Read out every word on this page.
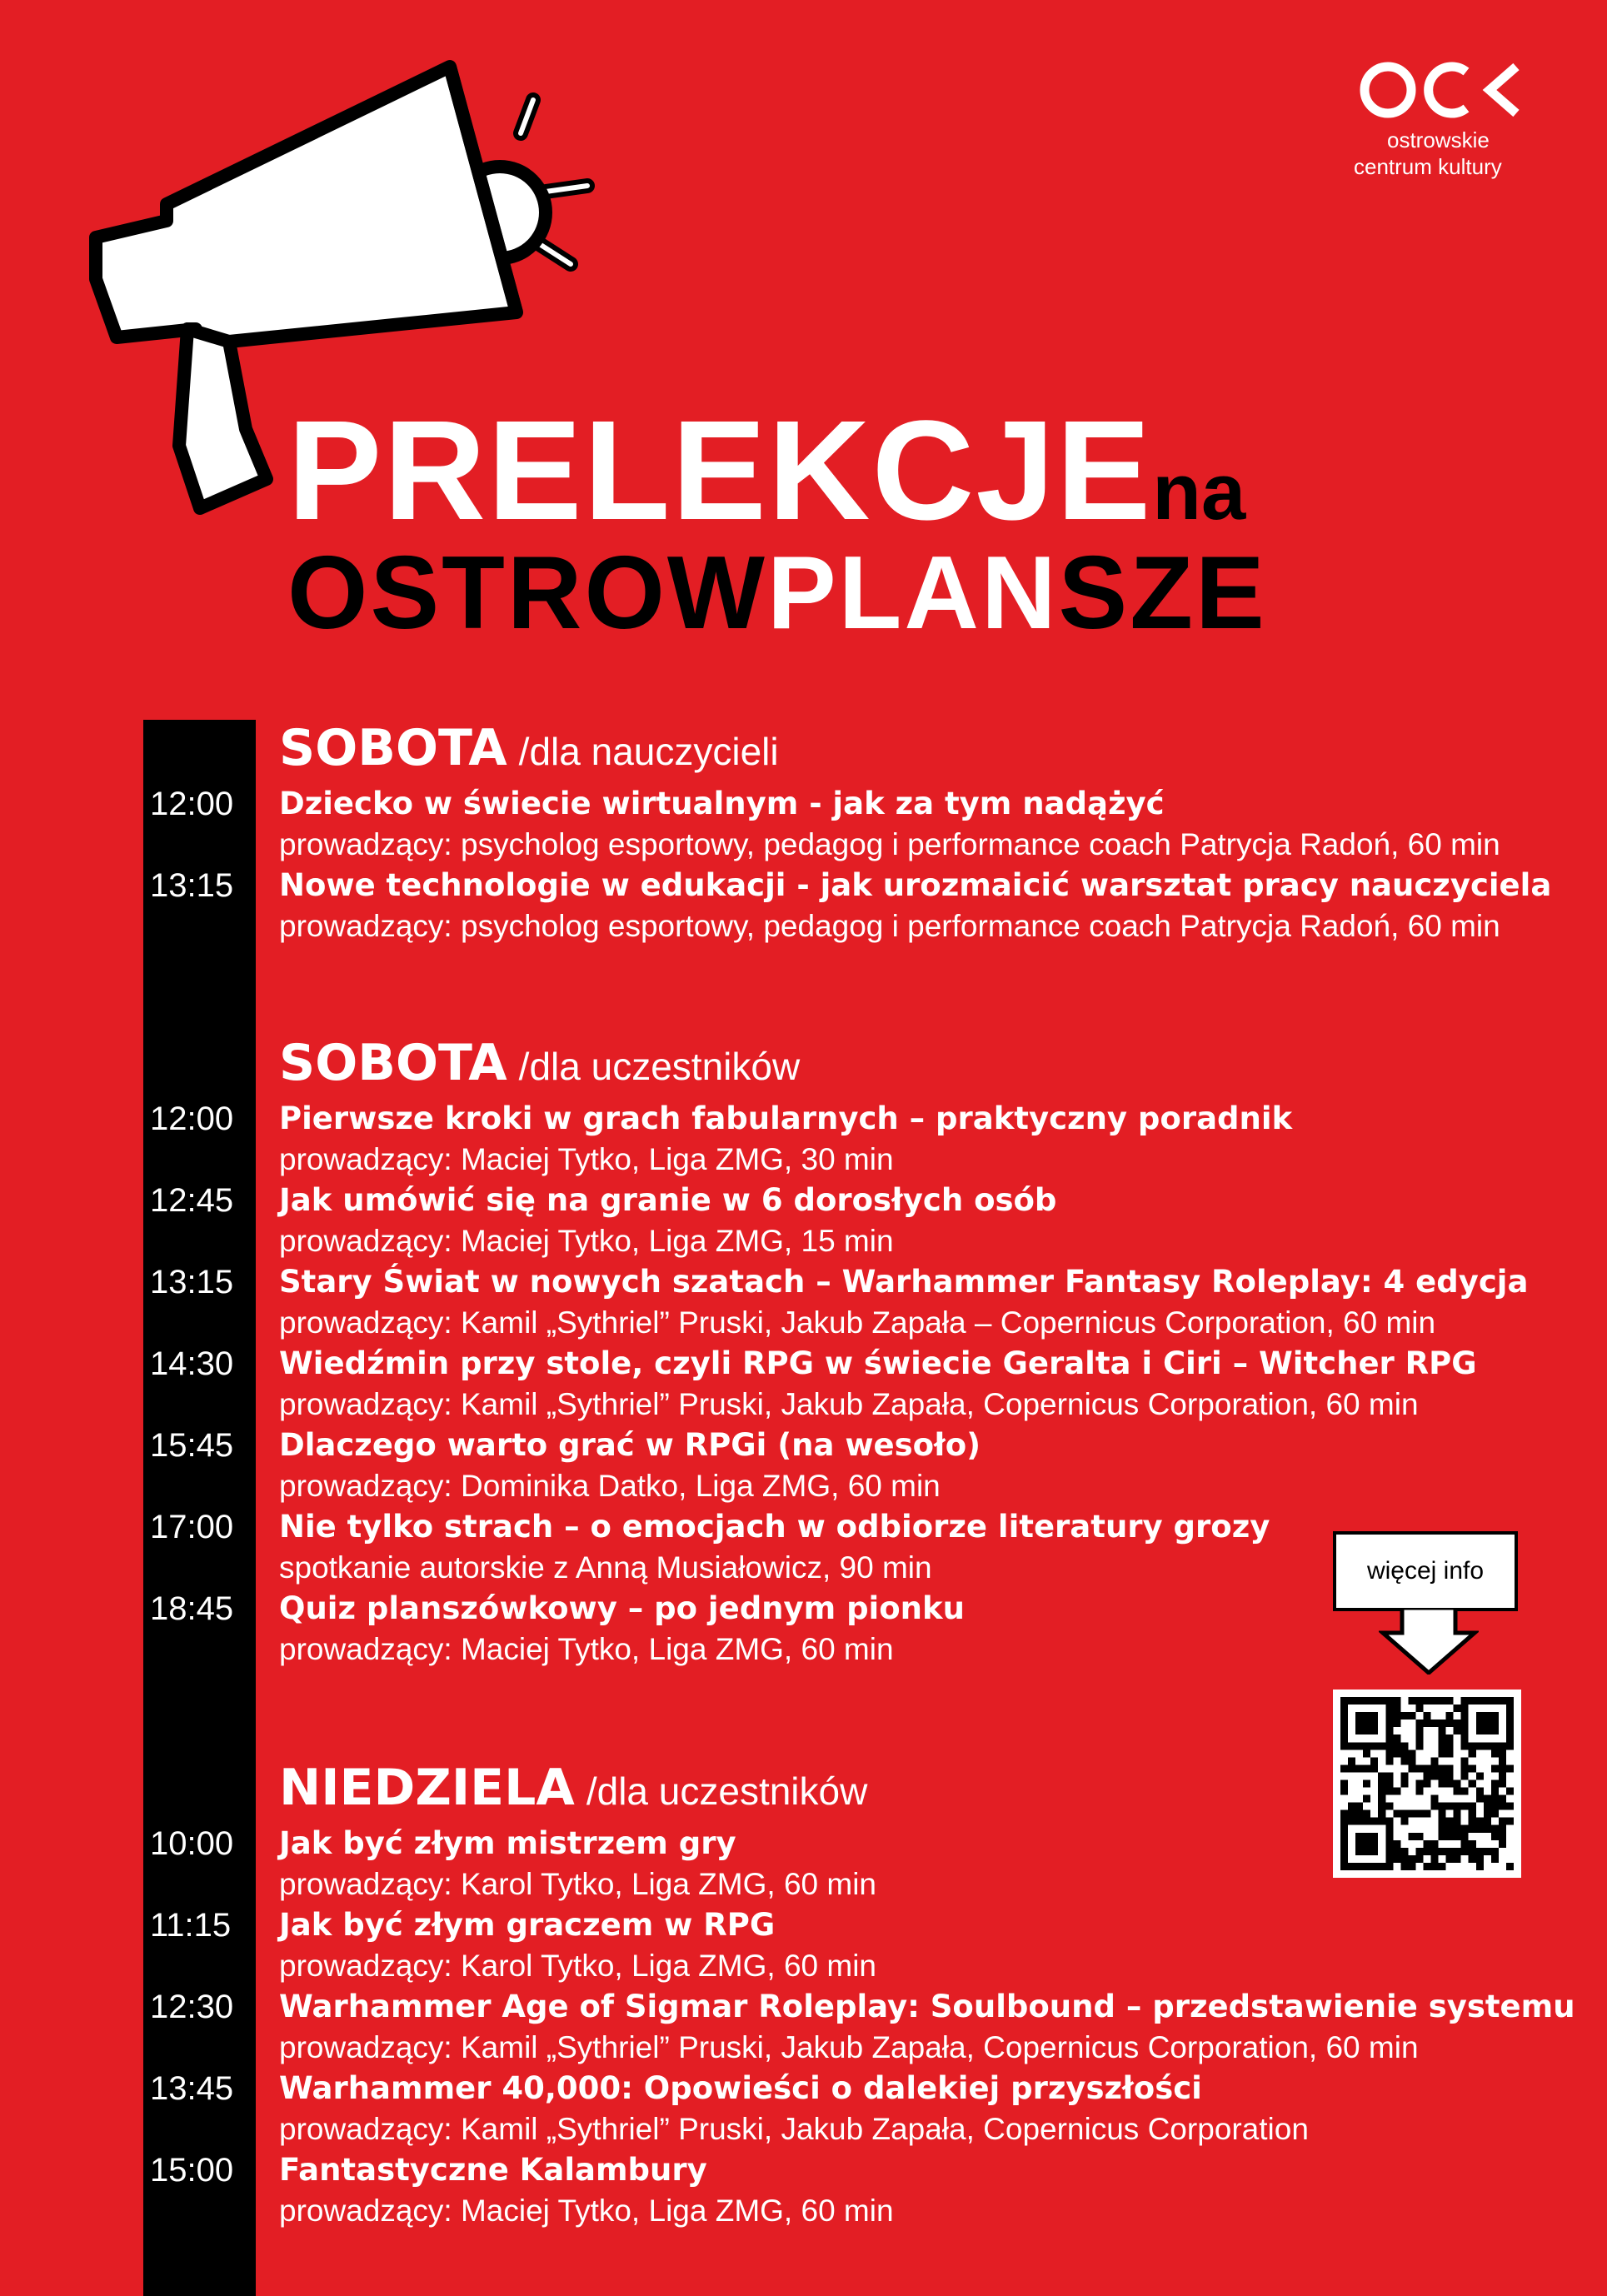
ostrowskie
centrum kultury
PRELEKCJEna
OSTROWPLANSZE
SOBOTA /dla nauczycieli
12:00 Dziecko w świecie wirtualnym - jak za tym nadążyć
prowadzący: psycholog esportowy, pedagog i performance coach Patrycja Radoń, 60 min
13:15 Nowe technologie w edukacji - jak urozmaicić warsztat pracy nauczyciela
prowadzący: psycholog esportowy, pedagog i performance coach Patrycja Radoń, 60 min
SOBOTA /dla uczestników
12:00 Pierwsze kroki w grach fabularnych – praktyczny poradnik
prowadzący: Maciej Tytko, Liga ZMG, 30 min
12:45 Jak umówić się na granie w 6 dorosłych osób
prowadzący: Maciej Tytko, Liga ZMG, 15 min
13:15 Stary Świat w nowych szatach – Warhammer Fantasy Roleplay: 4 edycja
prowadzący: Kamil „Sythriel” Pruski, Jakub Zapała – Copernicus Corporation, 60 min
14:30 Wiedźmin przy stole, czyli RPG w świecie Geralta i Ciri – Witcher RPG
prowadzący: Kamil „Sythriel” Pruski, Jakub Zapała, Copernicus Corporation, 60 min
15:45 Dlaczego warto grać w RPGi (na wesoło)
prowadzący: Dominika Datko, Liga ZMG, 60 min
17:00 Nie tylko strach – o emocjach w odbiorze literatury grozy
spotkanie autorskie z Anną Musiałowicz, 90 min
18:45 Quiz planszówkowy – po jednym pionku
prowadzący: Maciej Tytko, Liga ZMG, 60 min
NIEDZIELA /dla uczestników
10:00 Jak być złym mistrzem gry
prowadzący: Karol Tytko, Liga ZMG, 60 min
11:15 Jak być złym graczem w RPG
prowadzący: Karol Tytko, Liga ZMG, 60 min
12:30 Warhammer Age of Sigmar Roleplay: Soulbound – przedstawienie systemu
prowadzący: Kamil „Sythriel” Pruski, Jakub Zapała, Copernicus Corporation, 60 min
13:45 Warhammer 40,000: Opowieści o dalekiej przyszłości
prowadzący: Kamil „Sythriel” Pruski, Jakub Zapała, Copernicus Corporation
15:00 Fantastyczne Kalambury
prowadzący: Maciej Tytko, Liga ZMG, 60 min
więcej info
